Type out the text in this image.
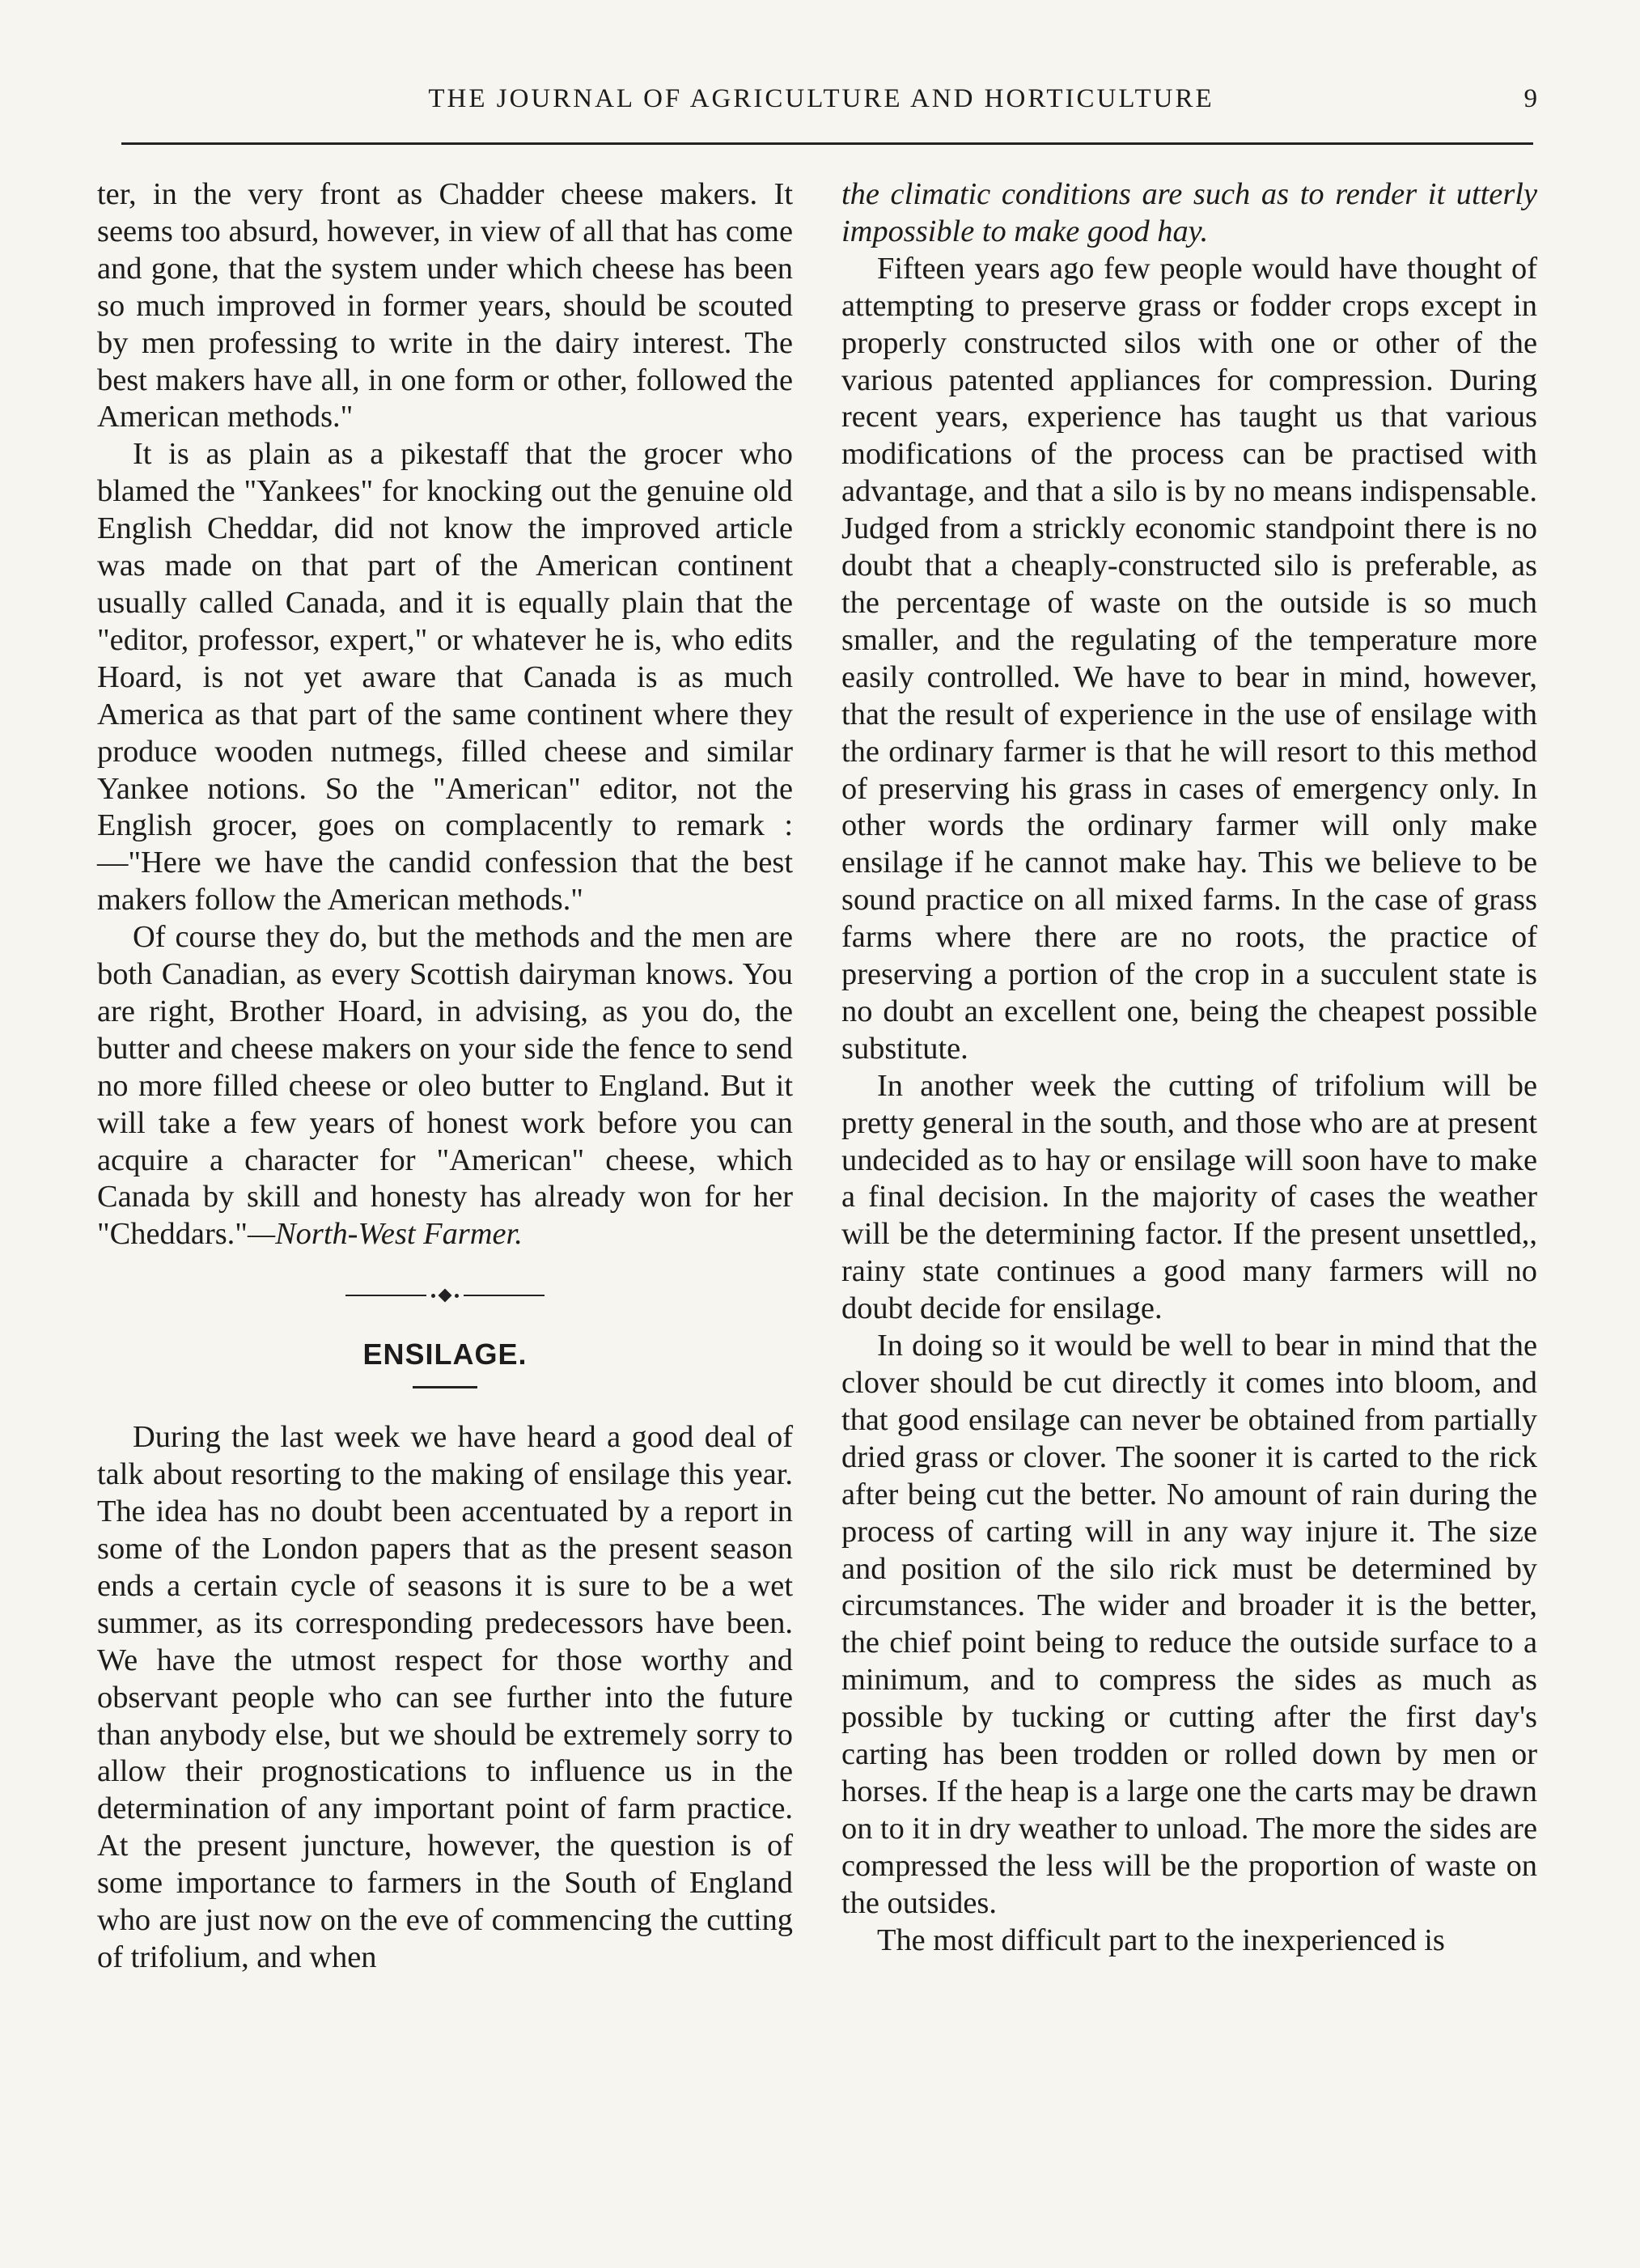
THE JOURNAL OF AGRICULTURE AND HORTICULTURE	9

ter, in the very front as Chadder cheese makers. It seems too absurd, however, in view of all that has come and gone, that the system under which cheese has been so much improved in former years, should be scouted by men professing to write in the dairy interest. The best makers have all, in one form or other, followed the American methods."

It is as plain as a pikestaff that the grocer who blamed the "Yankees" for knocking out the genuine old English Cheddar, did not know the improved article was made on that part of the American continent usually called Canada, and it is equally plain that the "editor, professor, expert," or whatever he is, who edits Hoard, is not yet aware that Canada is as much America as that part of the same continent where they produce wooden nutmegs, filled cheese and similar Yankee notions. So the "American" editor, not the English grocer, goes on complacently to remark : —"Here we have the candid confession that the best makers follow the American methods."

Of course they do, but the methods and the men are both Canadian, as every Scottish dairyman knows. You are right, Brother Hoard, in advising, as you do, the butter and cheese makers on your side the fence to send no more filled cheese or oleo butter to England. But it will take a few years of honest work before you can acquire a character for "American" cheese, which Canada by skill and honesty has already won for her "Cheddars."—North-West Farmer.

ENSILAGE.

During the last week we have heard a good deal of talk about resorting to the making of ensilage this year. The idea has no doubt been accentuated by a report in some of the London papers that as the present season ends a certain cycle of seasons it is sure to be a wet summer, as its corresponding predecessors have been. We have the utmost respect for those worthy and observant people who can see further into the future than anybody else, but we should be extremely sorry to allow their prognostications to influence us in the determination of any important point of farm practice. At the present juncture, however, the question is of some importance to farmers in the South of England who are just now on the eve of commencing the cutting of trifolium, and when

the climatic conditions are such as to render it utterly impossible to make good hay.

Fifteen years ago few people would have thought of attempting to preserve grass or fodder crops except in properly constructed silos with one or other of the various patented appliances for compression. During recent years, experience has taught us that various modifications of the process can be practised with advantage, and that a silo is by no means indispensable. Judged from a strickly economic standpoint there is no doubt that a cheaply-constructed silo is preferable, as the percentage of waste on the outside is so much smaller, and the regulating of the temperature more easily controlled. We have to bear in mind, however, that the result of experience in the use of ensilage with the ordinary farmer is that he will resort to this method of preserving his grass in cases of emergency only. In other words the ordinary farmer will only make ensilage if he cannot make hay. This we believe to be sound practice on all mixed farms. In the case of grass farms where there are no roots, the practice of preserving a portion of the crop in a succulent state is no doubt an excellent one, being the cheapest possible substitute.

In another week the cutting of trifolium will be pretty general in the south, and those who are at present undecided as to hay or ensilage will soon have to make a final decision. In the majority of cases the weather will be the determining factor. If the present unsettled,, rainy state continues a good many farmers will no doubt decide for ensilage.

In doing so it would be well to bear in mind that the clover should be cut directly it comes into bloom, and that good ensilage can never be obtained from partially dried grass or clover. The sooner it is carted to the rick after being cut the better. No amount of rain during the process of carting will in any way injure it. The size and position of the silo rick must be determined by circumstances. The wider and broader it is the better, the chief point being to reduce the outside surface to a minimum, and to compress the sides as much as possible by tucking or cutting after the first day's carting has been trodden or rolled down by men or horses. If the heap is a large one the carts may be drawn on to it in dry weather to unload. The more the sides are compressed the less will be the proportion of waste on the outsides.

The most difficult part to the inexperienced is
